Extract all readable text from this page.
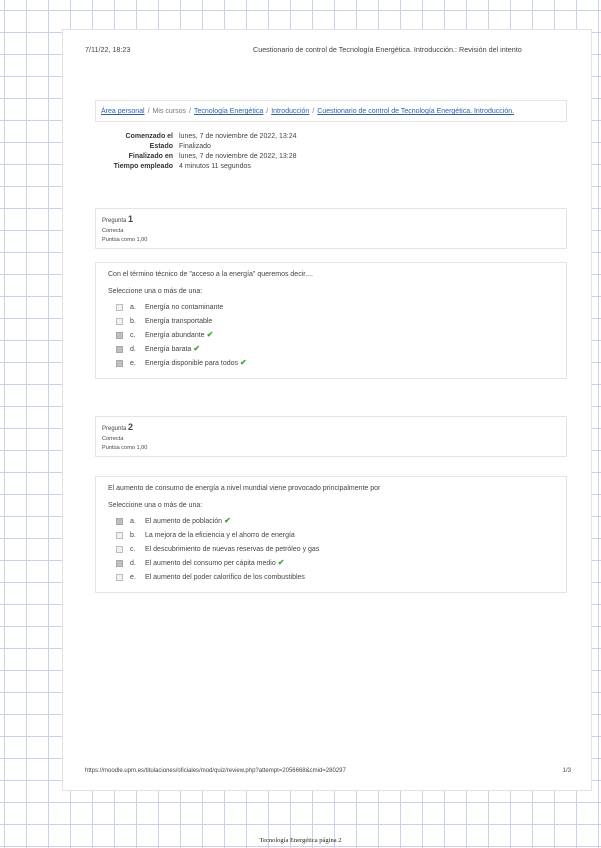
7/11/22, 18:23	Cuestionario de control de Tecnología Energética. Introducción.: Revisión del intento
Área personal / Mis cursos / Tecnología Energética / Introducción / Cuestionario de control de Tecnología Energética. Introducción.
Comenzado el lunes, 7 de noviembre de 2022, 13:24
Estado Finalizado
Finalizado en lunes, 7 de noviembre de 2022, 13:28
Tiempo empleado 4 minutos 11 segundos
Pregunta 1
Correcta
Puntúa como 1,00
Con el término técnico de "acceso a la energía" queremos decir....
Seleccione una o más de una:
a.	Energía no contaminante
b.	Energía transportable
c.	Energía abundante ✔
d.	Energía barata ✔
e.	Energía disponible para todos ✔
Pregunta 2
Correcta
Puntúa como 1,00
El aumento de consumo de energía a nivel mundial viene provocado principalmente por
Seleccione una o más de una:
a.	El aumento de población ✔
b.	La mejora de la eficiencia y el ahorro de energía
c.	El descubrimiento de nuevas reservas de petróleo y gas
d.	El aumento del consumo per cápita medio ✔
e.	El aumento del poder calorífico de los combustibles
https://moodle.upm.es/titulaciones/oficiales/mod/quiz/review.php?attempt=2056668&cmid=280297	1/3
Tecnología Energética página 2
